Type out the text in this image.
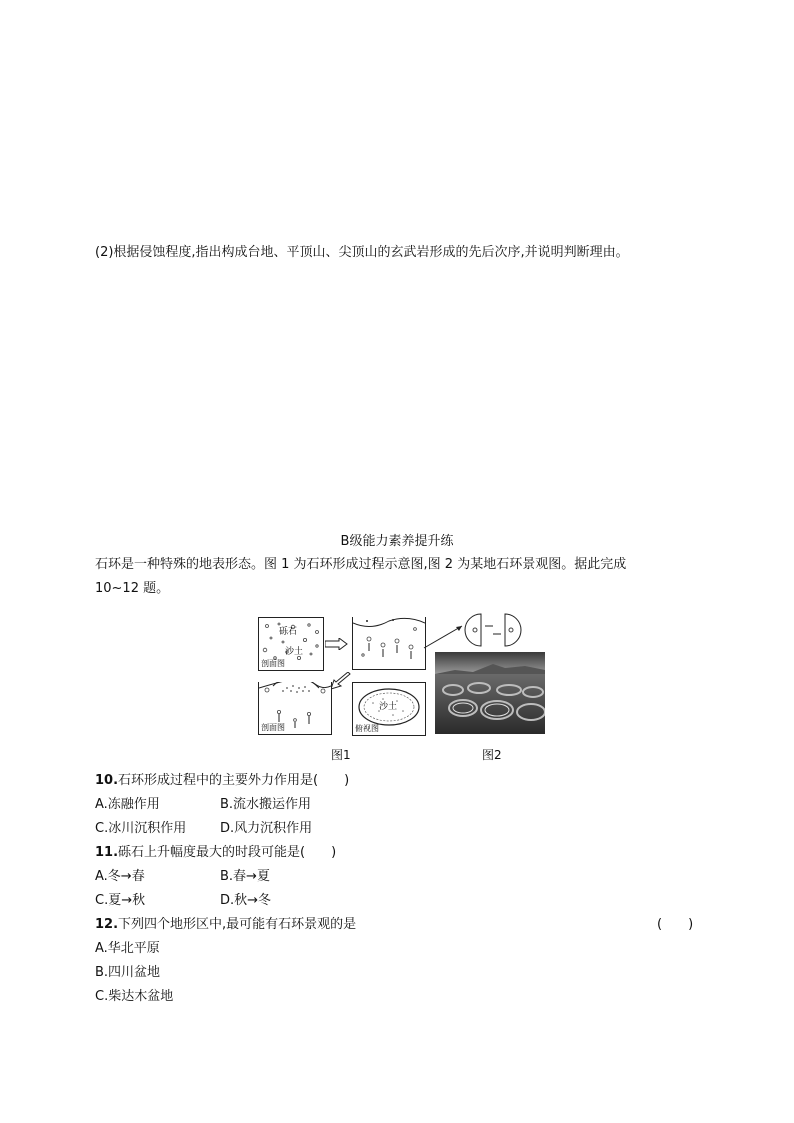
(2)根据侵蚀程度,指出构成台地、平顶山、尖顶山的玄武岩形成的先后次序,并说明判断理由。
B级能力素养提升练
石环是一种特殊的地表形态。图 1 为石环形成过程示意图,图 2 为某地石环景观图。据此完成
10~12 题。
砾石
沙土
剖面图
剖面图
沙土
俯视图
图1	图2
10.石环形成过程中的主要外力作用是(　　)
A.冻融作用	B.流水搬运作用
C.冰川沉积作用	D.风力沉积作用
11.砾石上升幅度最大的时段可能是(　　)
A.冬→春	B.春→夏
C.夏→秋	D.秋→冬
12.下列四个地形区中,最可能有石环景观的是	(　　)
A.华北平原
B.四川盆地
C.柴达木盆地
